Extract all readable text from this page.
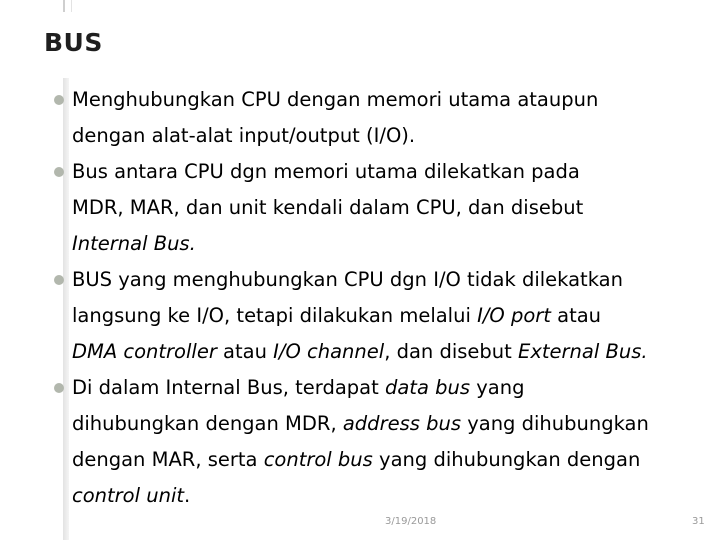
BUS

Menghubungkan CPU dengan memori utama ataupun

dengan alat-alat input/output (I/O).

Bus antara CPU dgn memori utama dilekatkan pada

MDR, MAR, dan unit kendali dalam CPU, dan disebut

Internal Bus.

BUS yang menghubungkan CPU dgn I/O tidak dilekatkan

langsung ke I/O, tetapi dilakukan melalui I/O port atau

DMA controller atau I/O channel, dan disebut External Bus.

Di dalam Internal Bus, terdapat data bus yang

dihubungkan dengan MDR, address bus yang dihubungkan

dengan MAR, serta control bus yang dihubungkan dengan

control unit.

3/19/2018	31
